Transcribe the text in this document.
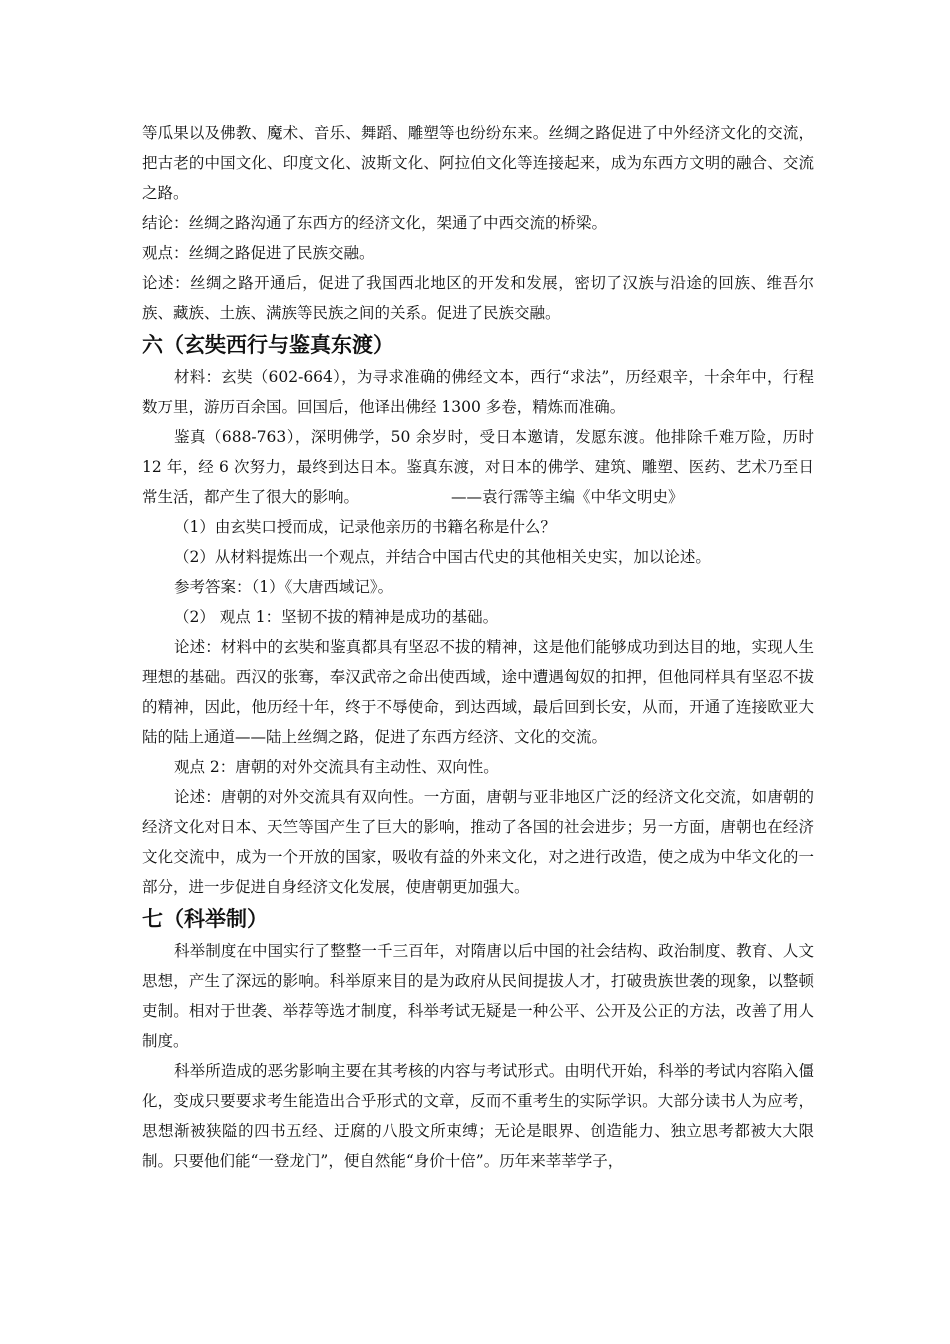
等瓜果以及佛教、魔术、音乐、舞蹈、雕塑等也纷纷东来。丝绸之路促进了中外经济文化的交流，把古老的中国文化、印度文化、波斯文化、阿拉伯文化等连接起来，成为东西方文明的融合、交流之路。

结论：丝绸之路沟通了东西方的经济文化，架通了中西交流的桥梁。

观点：丝绸之路促进了民族交融。

论述：丝绸之路开通后，促进了我国西北地区的开发和发展，密切了汉族与沿途的回族、维吾尔族、藏族、土族、满族等民族之间的关系。促进了民族交融。

六（玄奘西行与鉴真东渡）

材料：玄奘（602-664），为寻求准确的佛经文本，西行“求法”，历经艰辛，十余年中，行程数万里，游历百余国。回国后，他译出佛经 1300 多卷，精炼而准确。

鉴真（688-763），深明佛学，50 余岁时，受日本邀请，发愿东渡。他排除千难万险，历时 12 年，经 6 次努力，最终到达日本。鉴真东渡，对日本的佛学、建筑、雕塑、医药、艺术乃至日常生活，都产生了很大的影响。	——袁行霈等主编《中华文明史》

（1）由玄奘口授而成，记录他亲历的书籍名称是什么？

（2）从材料提炼出一个观点，并结合中国古代史的其他相关史实，加以论述。

参考答案：（1）《大唐西域记》。

（2） 观点 1：坚韧不拔的精神是成功的基础。

论述：材料中的玄奘和鉴真都具有坚忍不拔的精神，这是他们能够成功到达目的地，实现人生理想的基础。西汉的张骞，奉汉武帝之命出使西域，途中遭遇匈奴的扣押，但他同样具有坚忍不拔的精神，因此，他历经十年，终于不辱使命，到达西域，最后回到长安，从而，开通了连接欧亚大陆的陆上通道——陆上丝绸之路，促进了东西方经济、文化的交流。

观点 2：唐朝的对外交流具有主动性、双向性。

论述：唐朝的对外交流具有双向性。一方面，唐朝与亚非地区广泛的经济文化交流，如唐朝的经济文化对日本、天竺等国产生了巨大的影响，推动了各国的社会进步；另一方面，唐朝也在经济文化交流中，成为一个开放的国家，吸收有益的外来文化，对之进行改造，使之成为中华文化的一部分，进一步促进自身经济文化发展，使唐朝更加强大。

七（科举制）

科举制度在中国实行了整整一千三百年，对隋唐以后中国的社会结构、政治制度、教育、人文思想，产生了深远的影响。科举原来目的是为政府从民间提拔人才，打破贵族世袭的现象，以整顿吏制。相对于世袭、举荐等选才制度，科举考试无疑是一种公平、公开及公正的方法，改善了用人制度。

科举所造成的恶劣影响主要在其考核的内容与考试形式。由明代开始，科举的考试内容陷入僵化，变成只要要求考生能造出合乎形式的文章，反而不重考生的实际学识。大部分读书人为应考，思想渐被狭隘的四书五经、迂腐的八股文所束缚；无论是眼界、创造能力、独立思考都被大大限制。只要他们能“一登龙门”，便自然能“身价十倍”。历年来莘莘学子，
